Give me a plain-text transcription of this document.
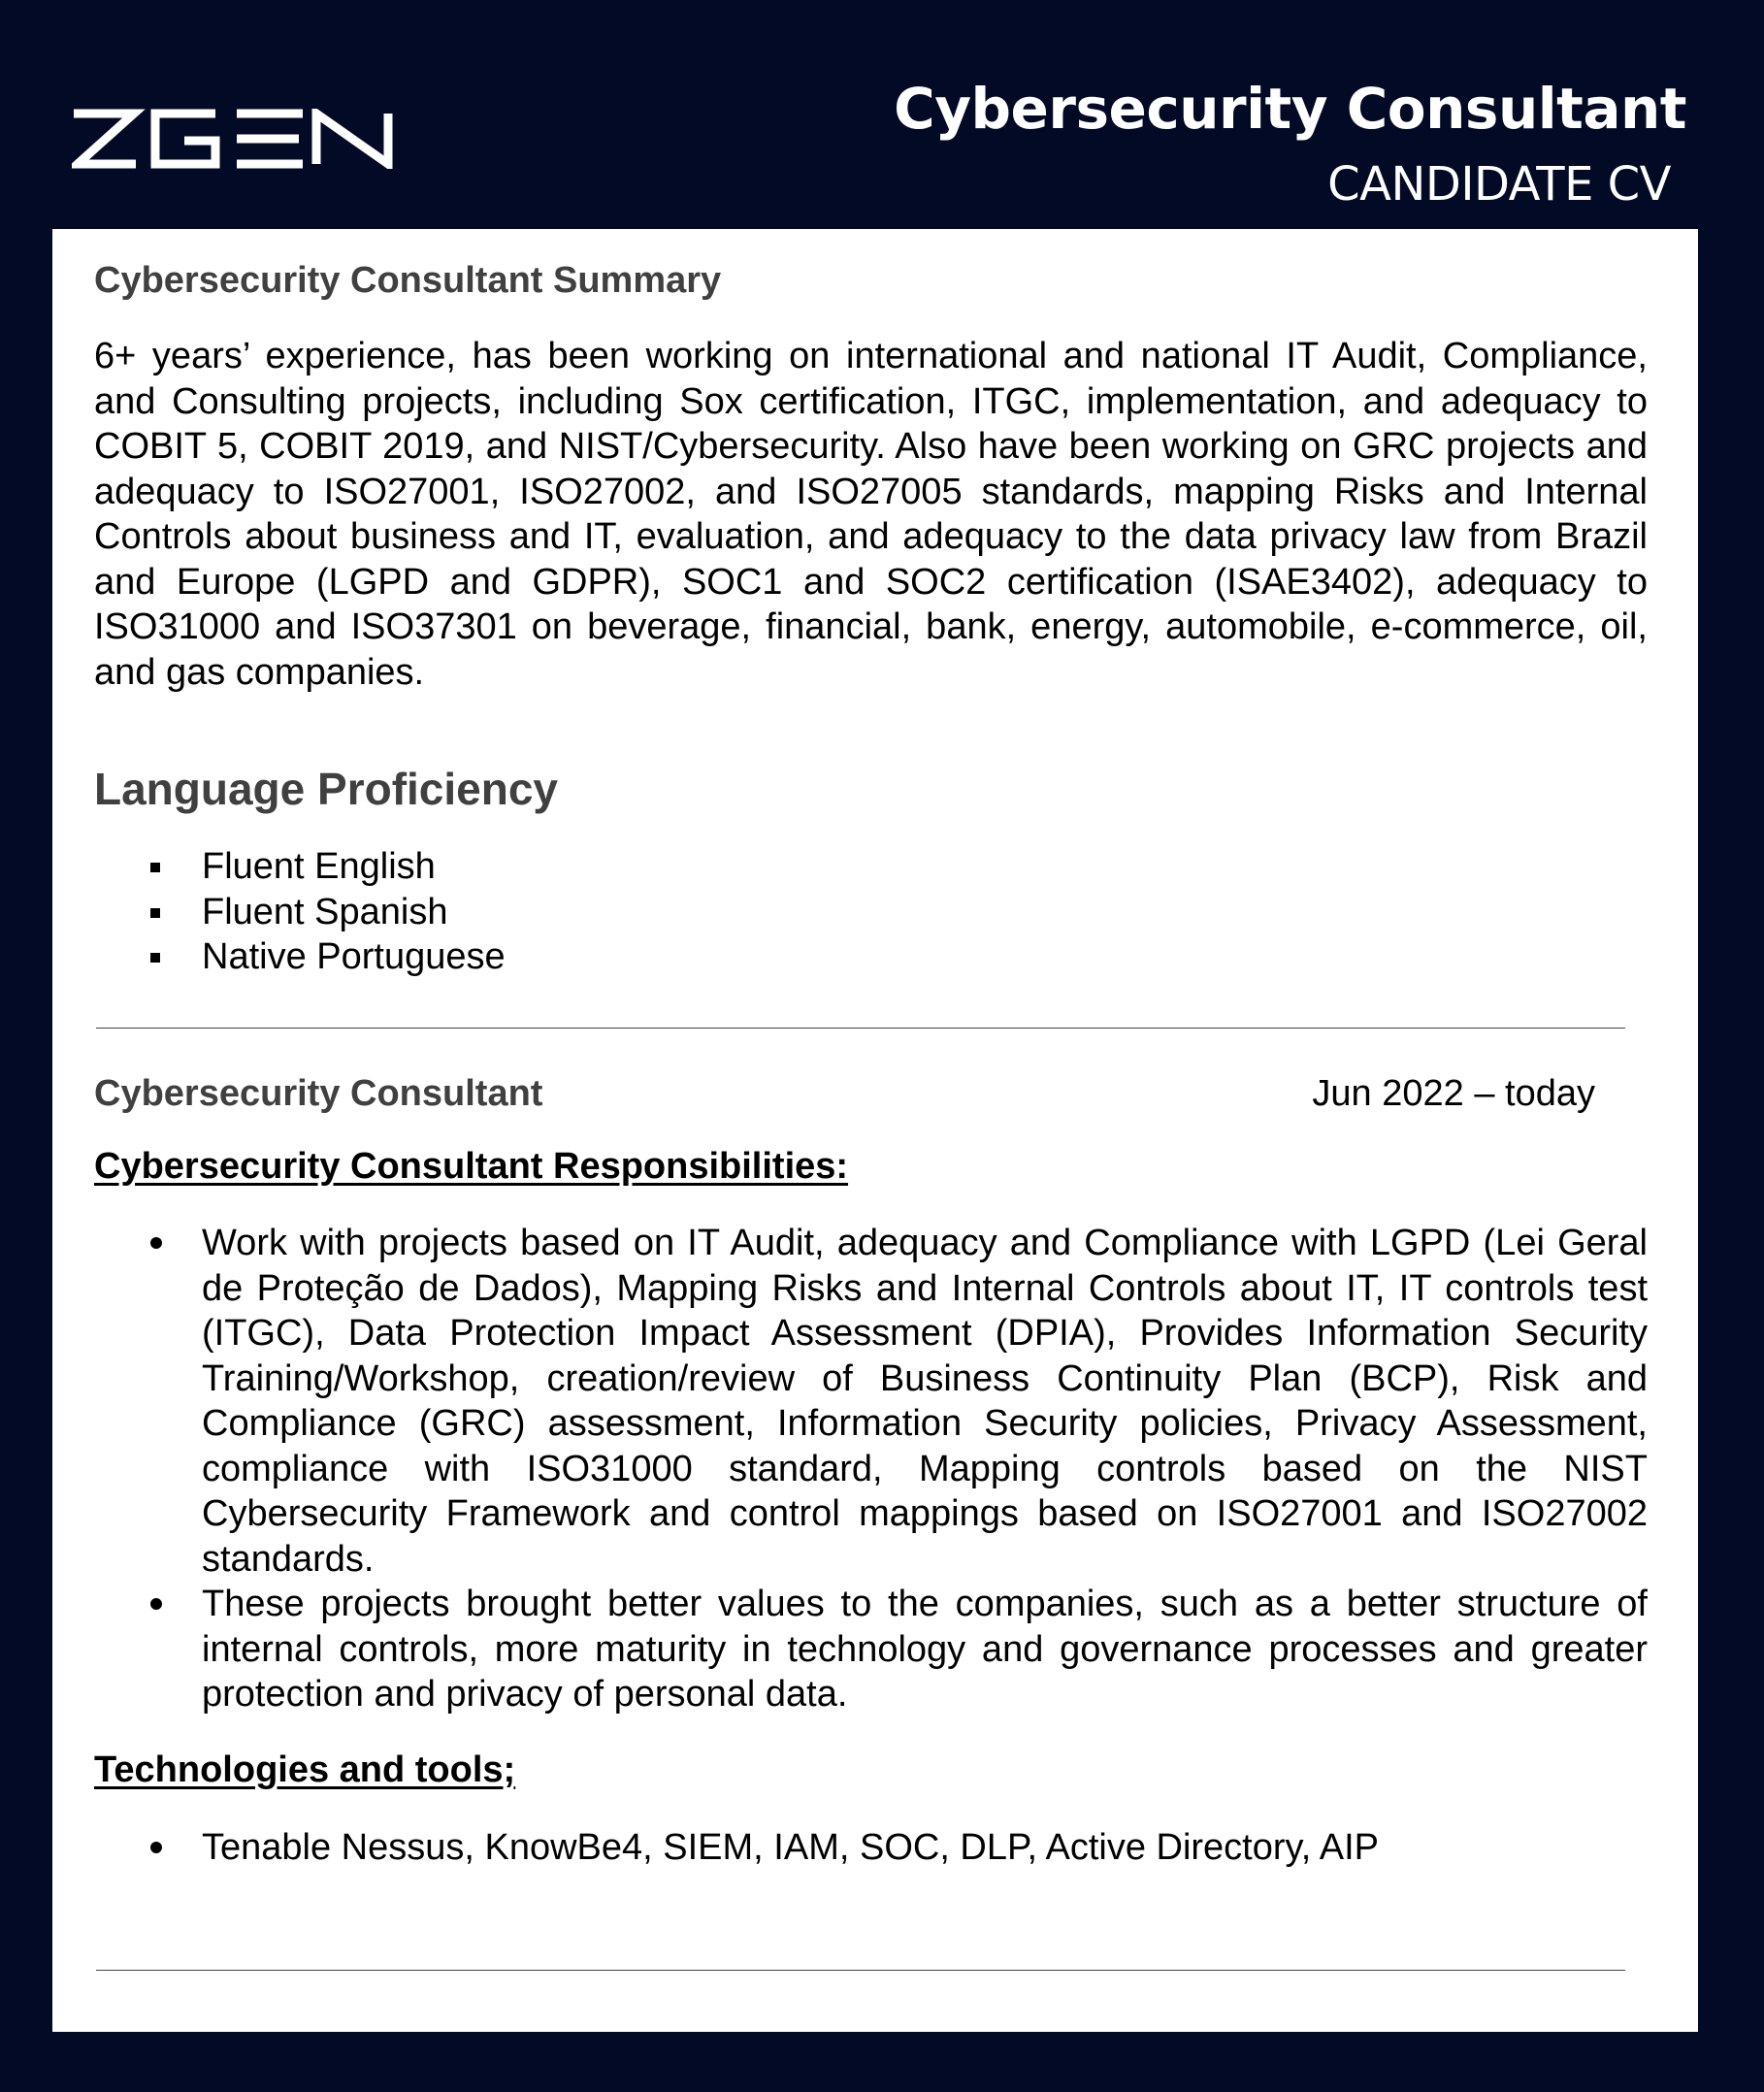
Cybersecurity Consultant
CANDIDATE CV
Cybersecurity Consultant Summary

6+ years’ experience, has been working on international and national IT Audit, Compliance, and Consulting projects, including Sox certification, ITGC, implementation, and adequacy to COBIT 5, COBIT 2019, and NIST/Cybersecurity. Also have been working on GRC projects and adequacy to ISO27001, ISO27002, and ISO27005 standards, mapping Risks and Internal Controls about business and IT, evaluation, and adequacy to the data privacy law from Brazil and Europe (LGPD and GDPR), SOC1 and SOC2 certification (ISAE3402), adequacy to ISO31000 and ISO37301 on beverage, financial, bank, energy, automobile, e-commerce, oil, and gas companies.

Language Proficiency
Fluent English
Fluent Spanish
Native Portuguese
Cybersecurity Consultant	Jun 2022 – today
Cybersecurity Consultant Responsibilities:
Work with projects based on IT Audit, adequacy and Compliance with LGPD (Lei Geral de Proteção de Dados), Mapping Risks and Internal Controls about IT, IT controls test (ITGC), Data Protection Impact Assessment (DPIA), Provides Information Security Training/Workshop, creation/review of Business Continuity Plan (BCP), Risk and Compliance (GRC) assessment, Information Security policies, Privacy Assessment, compliance with ISO31000 standard, Mapping controls based on the NIST Cybersecurity Framework and control mappings based on ISO27001 and ISO27002 standards.
These projects brought better values to the companies, such as a better structure of internal controls, more maturity in technology and governance processes and greater protection and privacy of personal data.
Technologies and tools;
Tenable Nessus, KnowBe4, SIEM, IAM, SOC, DLP, Active Directory, AIP
